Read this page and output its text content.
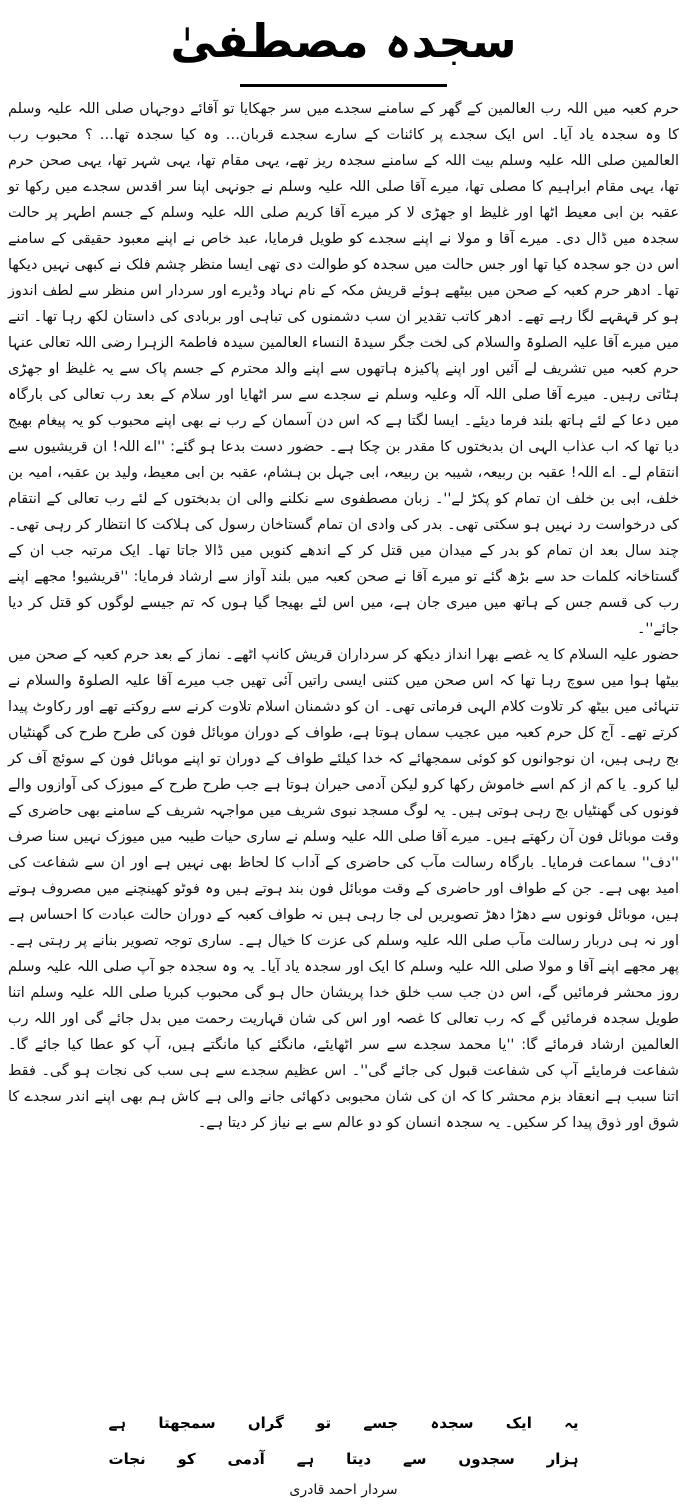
سجدہ مصطفیٰ

حرم کعبہ میں اللہ رب العالمین کے گھر کے سامنے سجدے میں سر جھکایا تو آقائے دوجہاں صلی اللہ علیہ وسلم کا وہ سجدہ یاد آیا۔ اس ایک سجدے پر کائنات کے سارے سجدے قربان… وہ کیا سجدہ تھا… ؟ محبوب رب العالمین صلی اللہ علیہ وسلم بیت اللہ کے سامنے سجدہ ریز تھے، یہی مقام تھا، یہی شہر تھا، یہی صحن حرم تھا، یہی مقام ابراہیم کا مصلی تھا، میرے آقا صلی اللہ علیہ وسلم نے جونہی اپنا سر اقدس سجدے میں رکھا تو عقبہ بن ابی معیط اٹھا اور غلیظ او جھڑی لا کر میرے آقا کریم صلی اللہ علیہ وسلم کے جسم اطہر پر حالت سجدہ میں ڈال دی۔ میرے آقا و مولا نے اپنے سجدے کو طویل فرمایا، عبد خاص نے اپنے معبود حقیقی کے سامنے اس دن جو سجدہ کیا تھا اور جس حالت میں سجدہ کو طوالت دی تھی ایسا منظر چشم فلک نے کبھی نہیں دیکھا تھا۔ ادھر حرم کعبہ کے صحن میں بیٹھے ہوئے قریش مکہ کے نام نہاد وڈیرے اور سردار اس منظر سے لطف اندوز ہو کر قہقہے لگا رہے تھے۔ ادھر کاتب تقدیر ان سب دشمنوں کی تباہی اور بربادی کی داستان لکھ رہا تھا۔ اتنے میں میرے آقا علیہ الصلوۃ والسلام کی لخت جگر سیدۃ النساء العالمین سیدہ فاطمۃ الزہرا رضی اللہ تعالی عنہا حرم کعبہ میں تشریف لے آئیں اور اپنے پاکیزہ ہاتھوں سے اپنے والد محترم کے جسم پاک سے یہ غلیظ او جھڑی ہٹاتی رہیں۔ میرے آقا صلی اللہ آلہ وعلیہ وسلم نے سجدے سے سر اٹھایا اور سلام کے بعد رب تعالی کی بارگاہ میں دعا کے لئے ہاتھ بلند فرما دیئے۔ ایسا لگتا ہے کہ اس دن آسمان کے رب نے بھی اپنے محبوب کو یہ پیغام بھیج دیا تھا کہ اب عذاب الہی ان بدبختوں کا مقدر بن چکا ہے۔ حضور دست بدعا ہو گئے: ''اے اللہ! ان قریشیوں سے انتقام لے۔ اے اللہ! عقبہ بن ربیعہ، شیبہ بن ربیعہ، ابی جہل بن ہشام، عقبہ بن ابی معیط، ولید بن عقبہ، امیہ بن خلف، ابی بن خلف ان تمام کو پکڑ لے''۔ زبان مصطفوی سے نکلنے والی ان بدبختوں کے لئے رب تعالی کے انتقام کی درخواست رد نہیں ہو سکتی تھی۔ بدر کی وادی ان تمام گستاخان رسول کی ہلاکت کا انتظار کر رہی تھی۔ چند سال بعد ان تمام کو بدر کے میدان میں قتل کر کے اندھے کنویں میں ڈالا جاتا تھا۔ ایک مرتبہ جب ان کے گستاخانہ کلمات حد سے بڑھ گئے تو میرے آقا نے صحن کعبہ میں بلند آواز سے ارشاد فرمایا: ''قریشیو! مجھے اپنے رب کی قسم جس کے ہاتھ میں میری جان ہے، میں اس لئے بھیجا گیا ہوں کہ تم جیسے لوگوں کو قتل کر دیا جائے''۔

حضور علیہ السلام کا یہ غصے بھرا انداز دیکھ کر سرداران قریش کانپ اٹھے۔ نماز کے بعد حرم کعبہ کے صحن میں بیٹھا ہوا میں سوچ رہا تھا کہ اس صحن میں کتنی ایسی راتیں آئی تھیں جب میرے آقا علیہ الصلوۃ والسلام نے تنہائی میں بیٹھ کر تلاوت کلام الہی فرماتی تھی۔ ان کو دشمنان اسلام تلاوت کرنے سے روکتے تھے اور رکاوٹ پیدا کرتے تھے۔ آج کل حرم کعبہ میں عجیب سماں ہوتا ہے، طواف کے دوران موبائل فون کی طرح طرح کی گھنٹیاں بج رہی ہیں، ان نوجوانوں کو کوئی سمجھائے کہ خدا کیلئے طواف کے دوران تو اپنے موبائل فون کے سوئچ آف کر لیا کرو۔ یا کم از کم اسے خاموش رکھا کرو لیکن آدمی حیران ہوتا ہے جب طرح طرح کے میوزک کی آوازوں والے فونوں کی گھنٹیاں بج رہی ہوتی ہیں۔ یہ لوگ مسجد نبوی شریف میں مواجہہ شریف کے سامنے بھی حاضری کے وقت موبائل فون آن رکھتے ہیں۔ میرے آقا صلی اللہ علیہ وسلم نے ساری حیات طیبہ میں میوزک نہیں سنا صرف ''دف'' سماعت فرمایا۔ بارگاہ رسالت مآب کی حاضری کے آداب کا لحاظ بھی نہیں ہے اور ان سے شفاعت کی امید بھی ہے۔ جن کے طواف اور حاضری کے وقت موبائل فون بند ہوتے ہیں وہ فوٹو کھینچنے میں مصروف ہوتے ہیں، موبائل فونوں سے دھڑا دھڑ تصویریں لی جا رہی ہیں نہ طواف کعبہ کے دوران حالت عبادت کا احساس ہے اور نہ ہی دربار رسالت مآب صلی اللہ علیہ وسلم کی عزت کا خیال ہے۔ ساری توجہ تصویر بنانے پر رہتی ہے۔ پھر مجھے اپنے آقا و مولا صلی اللہ علیہ وسلم کا ایک اور سجدہ یاد آیا۔ یہ وہ سجدہ جو آپ صلی اللہ علیہ وسلم روز محشر فرمائیں گے، اس دن جب سب خلق خدا پریشان حال ہو گی محبوب کبریا صلی اللہ علیہ وسلم اتنا طویل سجدہ فرمائیں گے کہ رب تعالی کا غصہ اور اس کی شان قہاریت رحمت میں بدل جائے گی اور اللہ رب العالمین ارشاد فرمائے گا: ''یا محمد سجدے سے سر اٹھایئے، مانگئے کیا مانگتے ہیں، آپ کو عطا کیا جائے گا۔ شفاعت فرمایئے آپ کی شفاعت قبول کی جائے گی''۔ اس عظیم سجدے سے ہی سب کی نجات ہو گی۔ فقط اتنا سبب ہے انعقاد بزم محشر کا کہ ان کی شان محبوبی دکھائی جانے والی ہے کاش ہم بھی اپنے اندر سجدے کا شوق اور ذوق پیدا کر سکیں۔ یہ سجدہ انسان کو دو عالم سے بے نیاز کر دیتا ہے۔

یہ
ایک
سجدہ
جسے
تو
گراں
سمجھتا
ہے
ہزار
سجدوں
سے
دیتا
ہے
آدمی
کو
نجات
سردار احمد قادری
